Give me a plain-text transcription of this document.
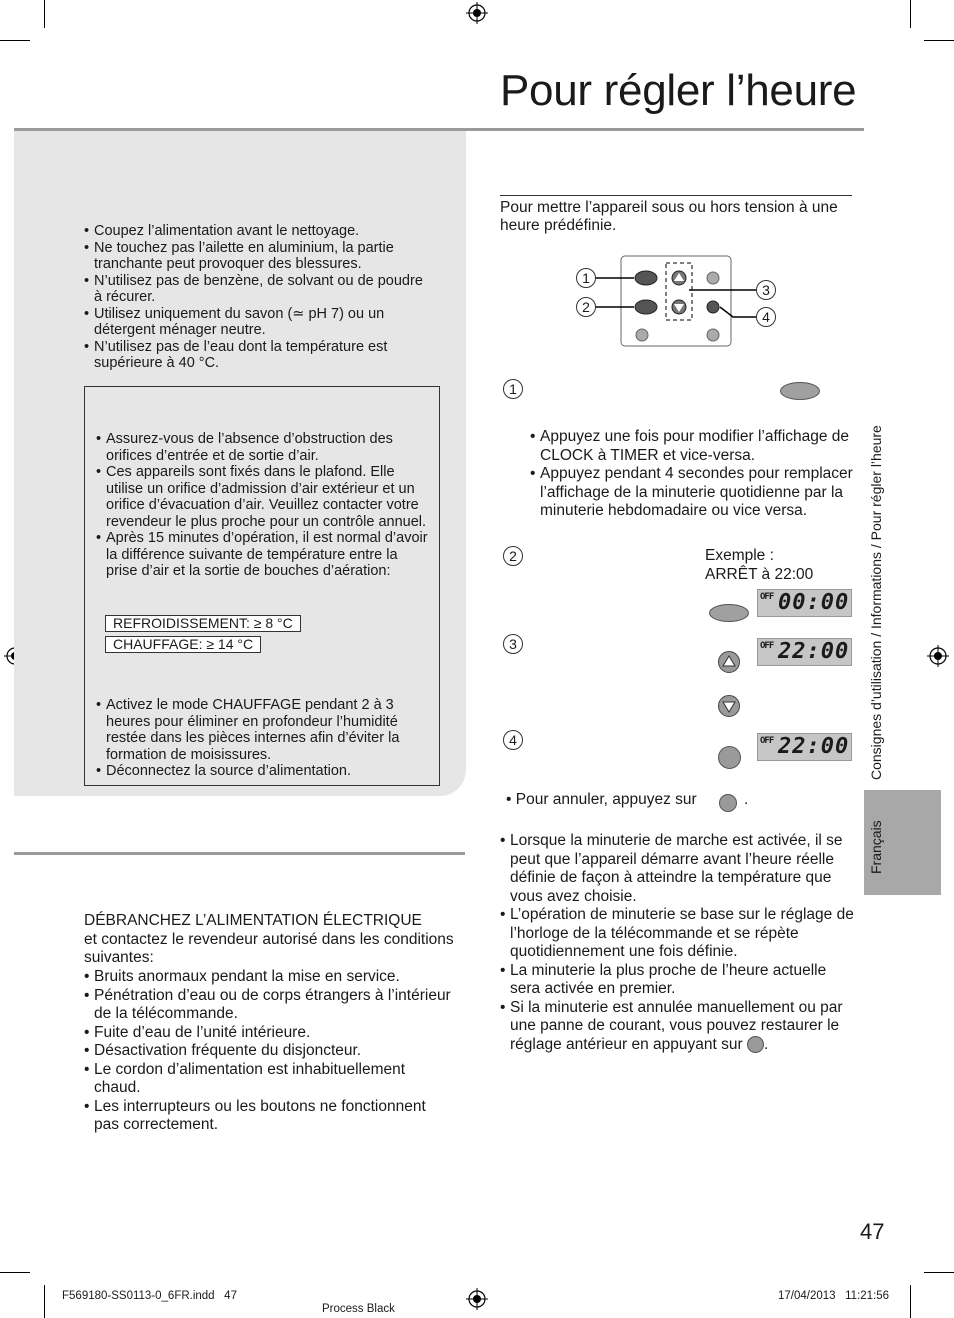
Pour régler l’heure
• Coupez l’alimentation avant le nettoyage.
• Ne touchez pas l’ailette en aluminium, la partie tranchante peut provoquer des blessures.
• N’utilisez pas de benzène, de solvant ou de poudre à récurer.
• Utilisez uniquement du savon (≃ pH 7) ou un détergent ménager neutre.
• N’utilisez pas de l’eau dont la température est supérieure à 40 °C.
• Assurez-vous de l’absence d’obstruction des orifices d’entrée et de sortie d’air.
• Ces appareils sont fixés dans le plafond. Elle utilise un orifice d’admission d’air extérieur et un orifice d’évacuation d’air. Veuillez contacter votre revendeur le plus proche pour un contrôle annuel.
• Après 15 minutes d’opération, il est normal d’avoir la différence suivante de température entre la prise d’air et la sortie de bouches d’aération:
REFROIDISSEMENT: ≥ 8 °C
CHAUFFAGE: ≥ 14 °C
• Activez le mode CHAUFFAGE pendant 2 à 3 heures pour éliminer en profondeur l’humidité restée dans les pièces internes afin d’éviter la formation de moisissures.
• Déconnectez la source d’alimentation.
DÉBRANCHEZ L’ALIMENTATION ÉLECTRIQUE
et contactez le revendeur autorisé dans les conditions suivantes:
• Bruits anormaux pendant la mise en service.
• Pénétration d’eau ou de corps étrangers à l’intérieur de la télécommande.
• Fuite d’eau de l’unité intérieure.
• Désactivation fréquente du disjoncteur.
• Le cordon d’alimentation est inhabituellement chaud.
• Les interrupteurs ou les boutons ne fonctionnent pas correctement.
Pour mettre l’appareil sous ou hors tension à une heure prédéfinie.
1
2
3
4
1
• Appuyez une fois pour modifier l’affichage de CLOCK à TIMER et vice-versa.
• Appuyez pendant 4 secondes pour remplacer l’affichage de la minuterie quotidienne par la minuterie hebdomadaire ou vice versa.
2	Exemple :
ARRÊT à 22:00
OFF 00:00
3	OFF 22:00
4	OFF 22:00
• Pour annuler, appuyez sur	.
• Lorsque la minuterie de marche est activée, il se peut que l’appareil démarre avant l’heure réelle définie de façon à atteindre la température que vous avez choisie.
• L’opération de minuterie se base sur le réglage de l’horloge de la télécommande et se répète quotidiennement une fois définie.
• La minuterie la plus proche de l’heure actuelle sera activée en premier.
• Si la minuterie est annulée manuellement ou par une panne de courant, vous pouvez restaurer le réglage antérieur en appuyant sur .
Consignes d’utilisation / Informations / Pour régler l’heure
Français
47
F569180-SS0113-0_6FR.indd   47
Process Black
17/04/2013   11:21:56
